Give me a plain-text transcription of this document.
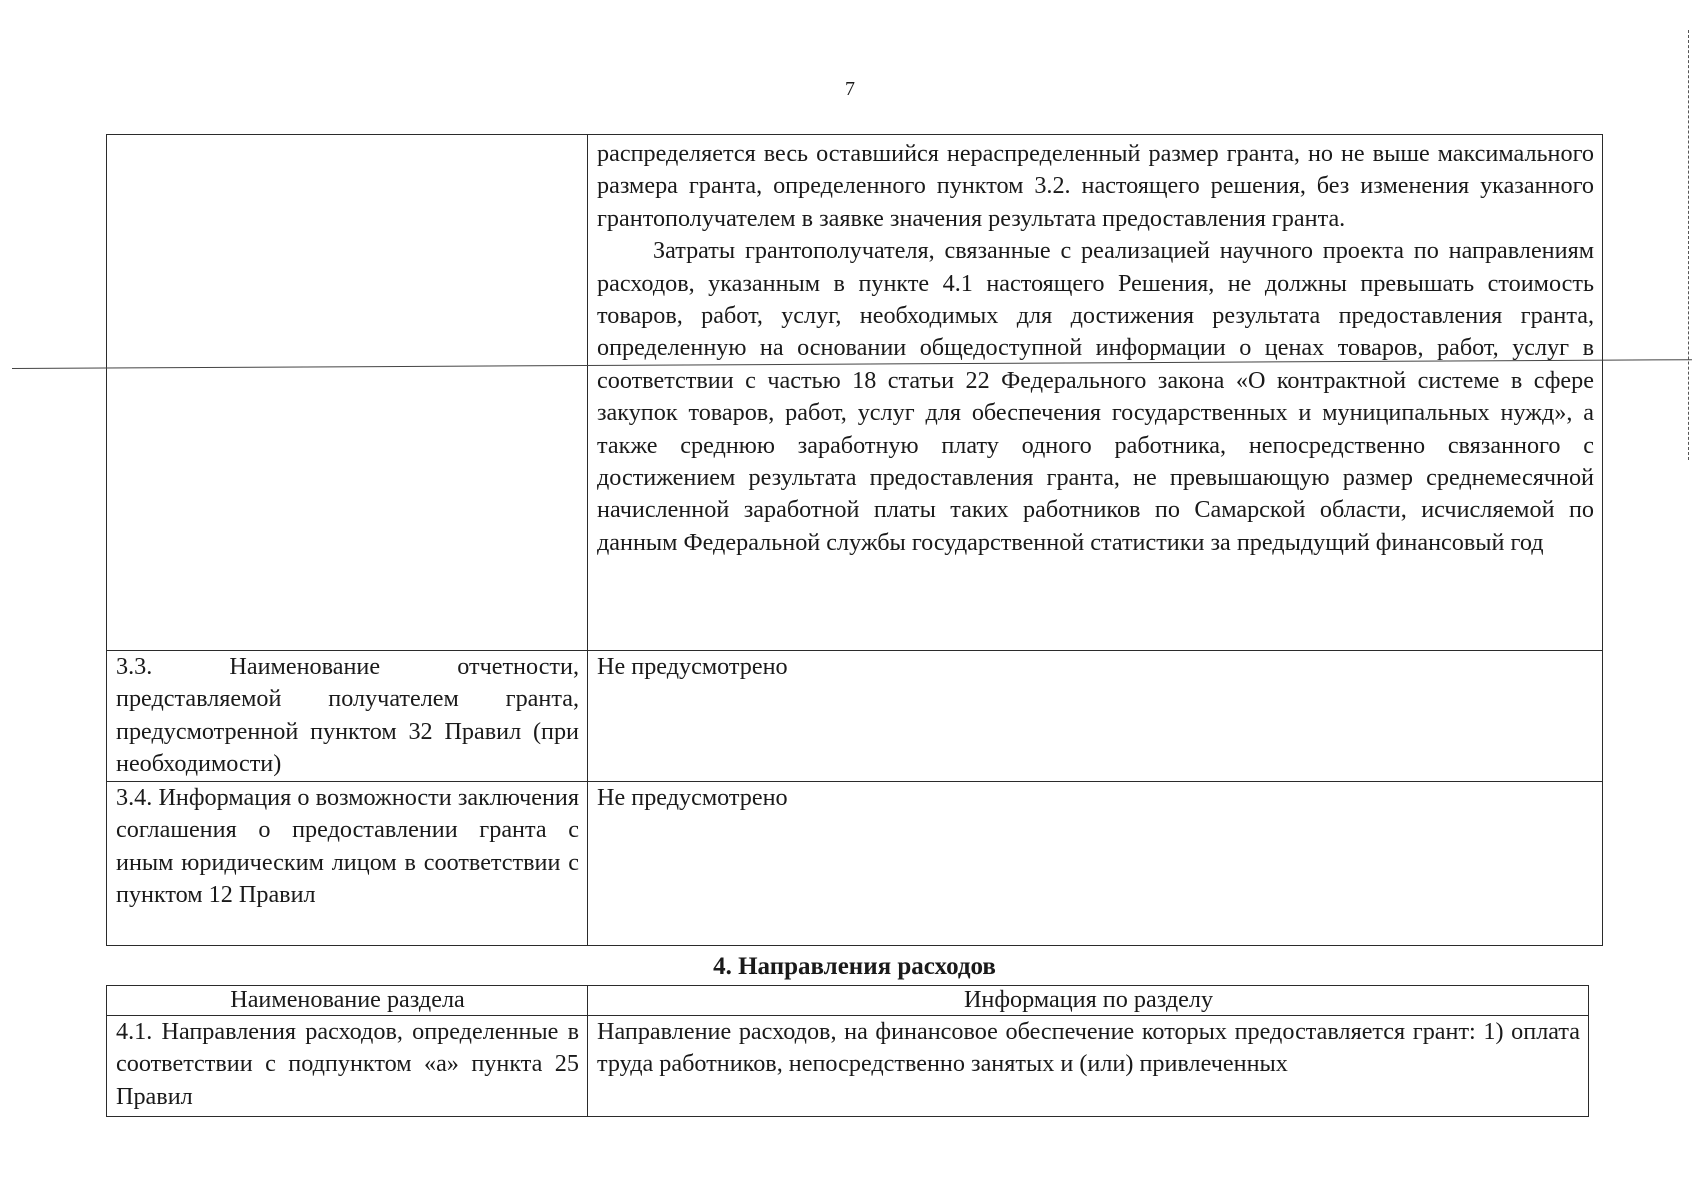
7

	распределяется весь оставшийся нераспределенный размер гранта, но не выше максимального размера гранта, определенного пунктом 3.2. настоящего решения, без изменения указанного грантополучателем в заявке значения результата предоставления гранта.

Затраты грантополучателя, связанные с реализацией научного проекта по направлениям расходов, указанным в пункте 4.1 настоящего Решения, не должны превышать стоимость товаров, работ, услуг, необходимых для достижения результата предоставления гранта, определенную на основании общедоступной информации о ценах товаров, работ, услуг в соответствии с частью 18 статьи 22 Федерального закона «О контрактной системе в сфере закупок товаров, работ, услуг для обеспечения государственных и муниципальных нужд», а также среднюю заработную плату одного работника, непосредственно связанного с достижением результата предоставления гранта, не превышающую размер среднемесячной начисленной заработной платы таких работников по Самарской области, исчисляемой по данным Федеральной службы государственной статистики за предыдущий финансовый год

3.3. Наименование отчетности, представляемой получателем гранта, предусмотренной пунктом 32 Правил (при необходимости)	Не предусмотрено
3.4. Информация о возможности заключения соглашения о предоставлении гранта с иным юридическим лицом в соответствии с пунктом 12 Правил	Не предусмотрено
4. Направления расходов
Наименование раздела	Информация по разделу
4.1. Направления расходов, определенные в соответствии с подпунктом «а» пункта 25 Правил	Направление расходов, на финансовое обеспечение которых предоставляется грант: 1) оплата труда работников, непосредственно занятых и (или) привлеченных
